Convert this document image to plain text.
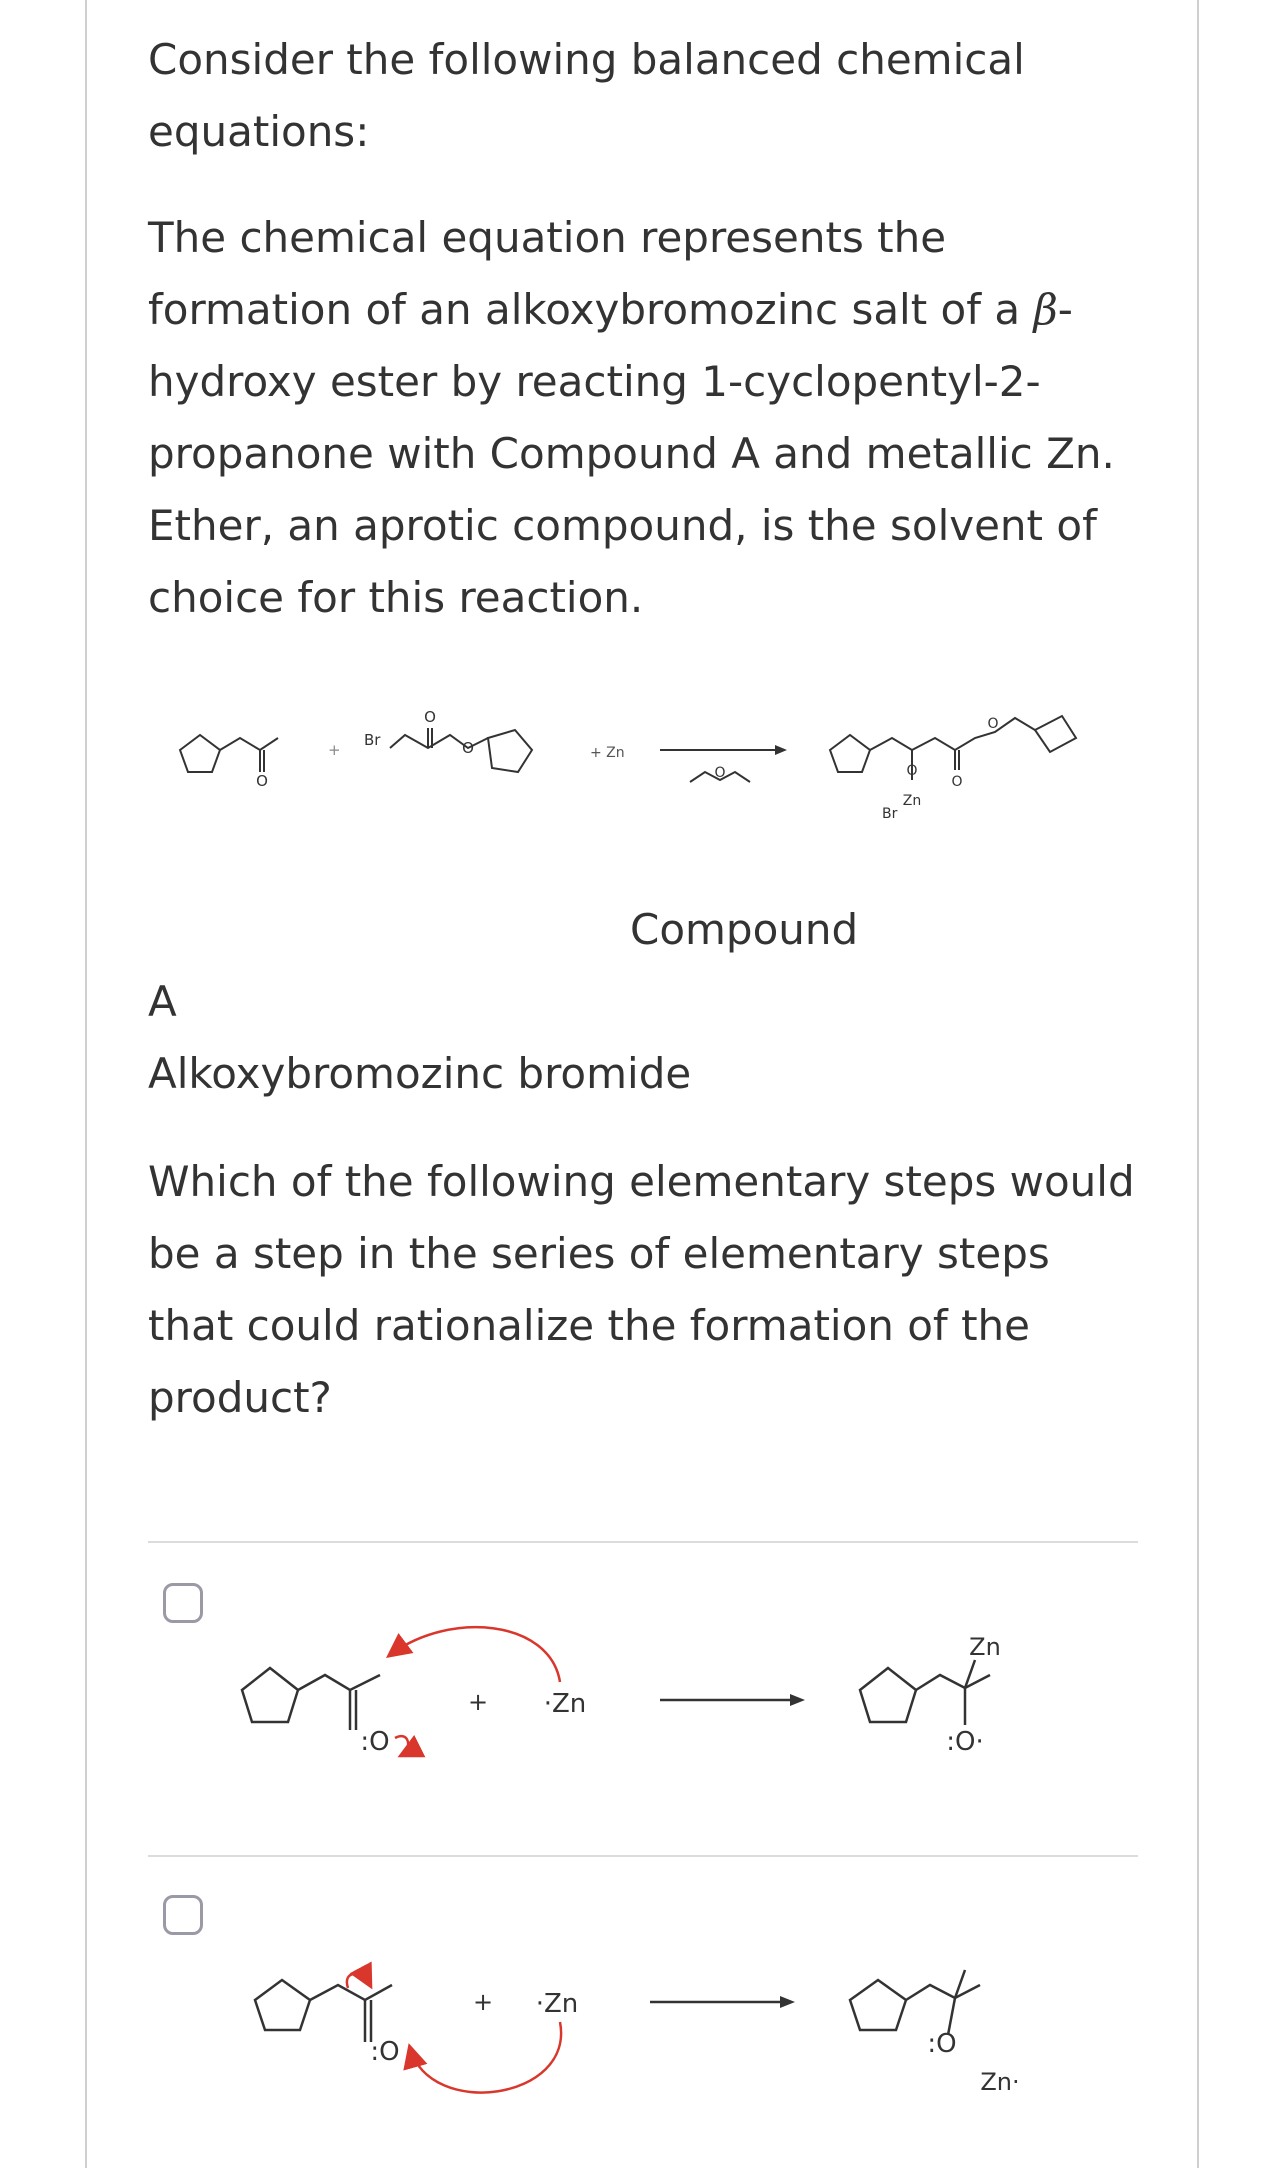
Consider the following balanced chemical equations:

The chemical equation represents the formation of an alkoxybromozinc salt of a β-hydroxy ester by reacting 1-cyclopentyl-2-propanone with Compound A and metallic Zn. Ether, an aprotic compound, is the solvent of choice for this reaction.

O
+
Br
O
O	+ Zn
O	O
Zn
Br
O
O
Compound
A
Alkoxybromozinc bromide

Which of the following elementary steps would be a step in the series of elementary steps that could rationalize the formation of the product?

:O
+ ·Zn
Zn
:O·
:O
+ ·Zn
:O
Zn·
